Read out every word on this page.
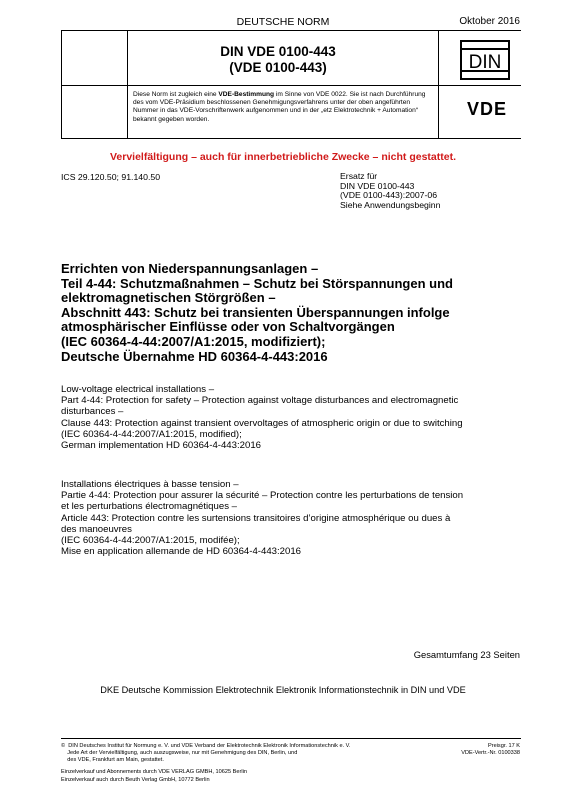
DEUTSCHE NORM	Oktober 2016
DIN VDE 0100-443
(VDE 0100-443)	DIN
VDE
Diese Norm ist zugleich eine VDE-Bestimmung im Sinne von VDE 0022. Sie ist nach Durchführung des vom VDE-Präsidium beschlossenen Genehmigungsverfahrens unter der oben angeführten Nummer in das VDE-Vorschriftenwerk aufgenommen und in der „etz Elektrotechnik + Automation“ bekannt gegeben worden.
Vervielfältigung – auch für innerbetriebliche Zwecke – nicht gestattet.
ICS 29.120.50; 91.140.50	Ersatz für
DIN VDE 0100-443
(VDE 0100-443):2007-06
Siehe Anwendungsbeginn
Errichten von Niederspannungsanlagen –
Teil 4-44: Schutzmaßnahmen – Schutz bei Störspannungen und
elektromagnetischen Störgrößen –
Abschnitt 443: Schutz bei transienten Überspannungen infolge
atmosphärischer Einflüsse oder von Schaltvorgängen
(IEC 60364-4-44:2007/A1:2015, modifiziert);
Deutsche Übernahme HD 60364-4-443:2016
Low-voltage electrical installations –
Part 4-44: Protection for safety – Protection against voltage disturbances and electromagnetic
disturbances –
Clause 443: Protection against transient overvoltages of atmospheric origin or due to switching
(IEC 60364-4-44:2007/A1:2015, modified);
German implementation HD 60364-4-443:2016
Installations électriques à basse tension –
Partie 4-44: Protection pour assurer la sécurité – Protection contre les perturbations de tension
et les perturbations électromagnétiques –
Article 443: Protection contre les surtensions transitoires d’origine atmosphérique ou dues à
des manoeuvres
(IEC 60364-4-44:2007/A1:2015, modifée);
Mise en application allemande de HD 60364-4-443:2016
Gesamtumfang 23 Seiten
DKE Deutsche Kommission Elektrotechnik Elektronik Informationstechnik in DIN und VDE
©  DIN Deutsches Institut für Normung e. V. und VDE Verband der Elektrotechnik Elektronik Informationstechnik e. V.
Jede Art der Vervielfältigung, auch auszugsweise, nur mit Genehmigung des DIN, Berlin, und
des VDE, Frankfurt am Main, gestattet.
Einzelverkauf und Abonnements durch VDE VERLAG GMBH, 10625 Berlin
Einzelverkauf auch durch Beuth Verlag GmbH, 10772 Berlin
Preisgr. 17 K
VDE-Vertr.-Nr. 0100338
